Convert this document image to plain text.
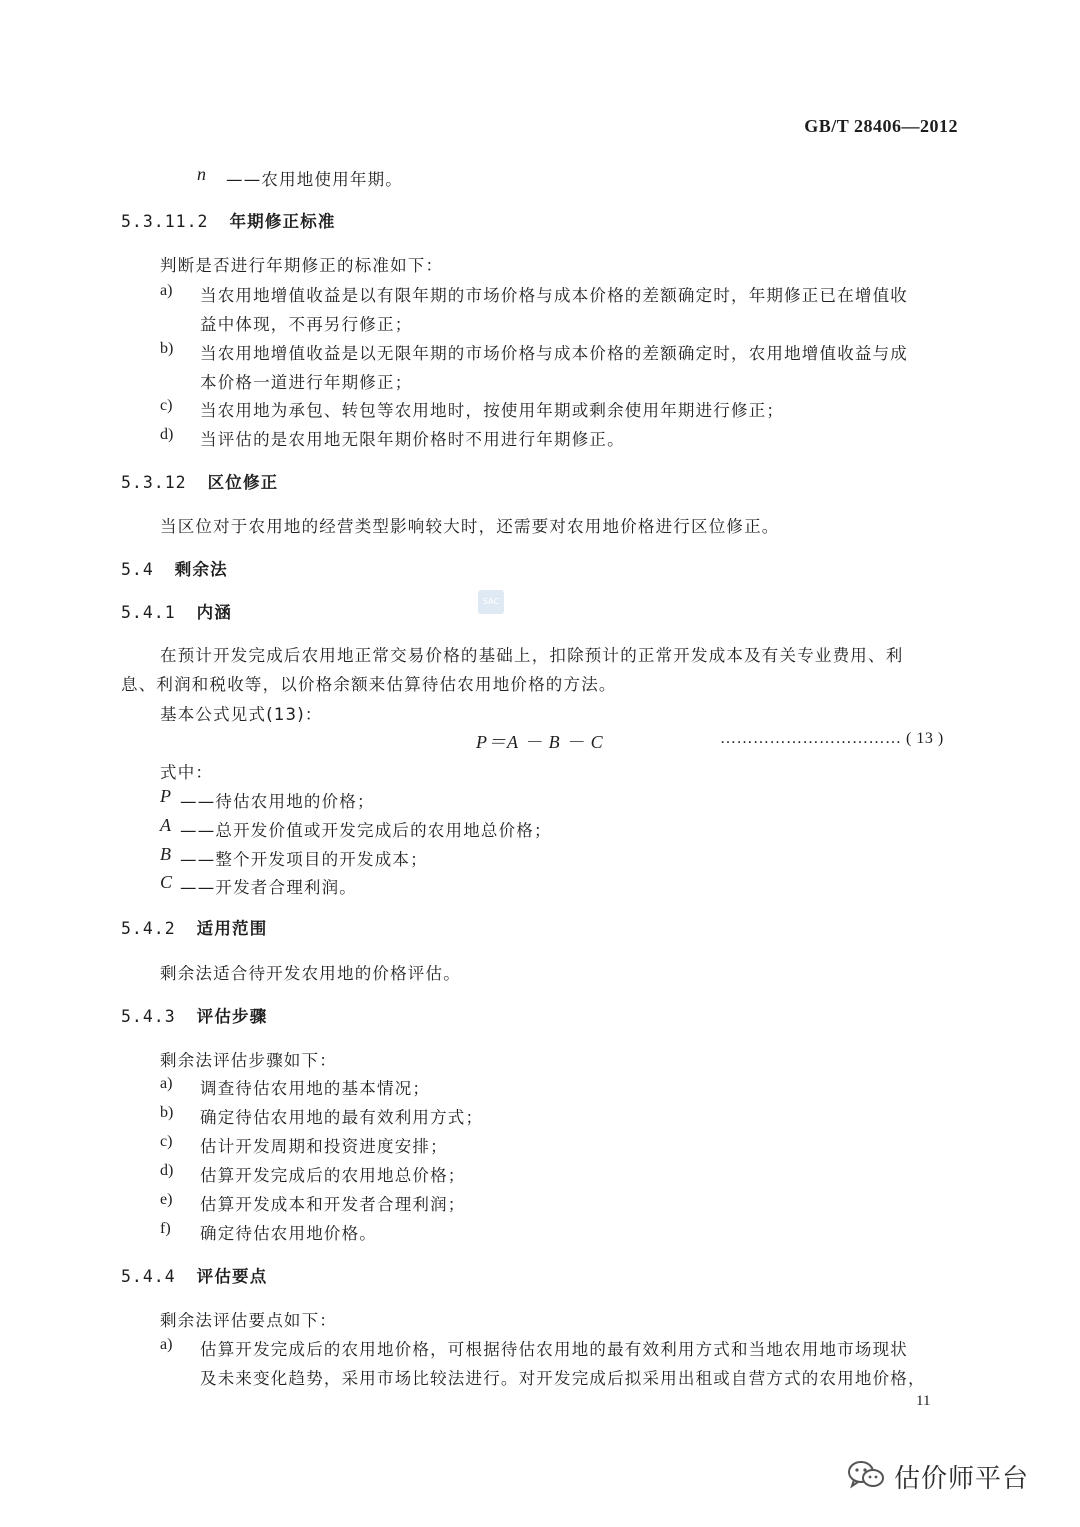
GB/T 28406—2012
n ——农用地使用年期。
5.3.11.2 年期修正标准
判断是否进行年期修正的标准如下：
a) 当农用地增值收益是以有限年期的市场价格与成本价格的差额确定时，年期修正已在增值收
益中体现，不再另行修正；
b) 当农用地增值收益是以无限年期的市场价格与成本价格的差额确定时，农用地增值收益与成
本价格一道进行年期修正；
c) 当农用地为承包、转包等农用地时，按使用年期或剩余使用年期进行修正；
d) 当评估的是农用地无限年期价格时不用进行年期修正。
5.3.12 区位修正
当区位对于农用地的经营类型影响较大时，还需要对农用地价格进行区位修正。
5.4 剩余法
5.4.1 内涵
SAC
在预计开发完成后农用地正常交易价格的基础上，扣除预计的正常开发成本及有关专业费用、利
息、利润和税收等，以价格余额来估算待估农用地价格的方法。
基本公式见式(13)：
P＝A － B － C	…………………………… ( 13 )
式中：
P ——待估农用地的价格；
A ——总开发价值或开发完成后的农用地总价格；
B ——整个开发项目的开发成本；
C ——开发者合理利润。
5.4.2 适用范围
剩余法适合待开发农用地的价格评估。
5.4.3 评估步骤
剩余法评估步骤如下：
a) 调查待估农用地的基本情况；
b) 确定待估农用地的最有效利用方式；
c) 估计开发周期和投资进度安排；
d) 估算开发完成后的农用地总价格；
e) 估算开发成本和开发者合理利润；
f) 确定待估农用地价格。
5.4.4 评估要点
剩余法评估要点如下：
a) 估算开发完成后的农用地价格，可根据待估农用地的最有效利用方式和当地农用地市场现状
及未来变化趋势，采用市场比较法进行。对开发完成后拟采用出租或自营方式的农用地价格，
11
估价师平台
